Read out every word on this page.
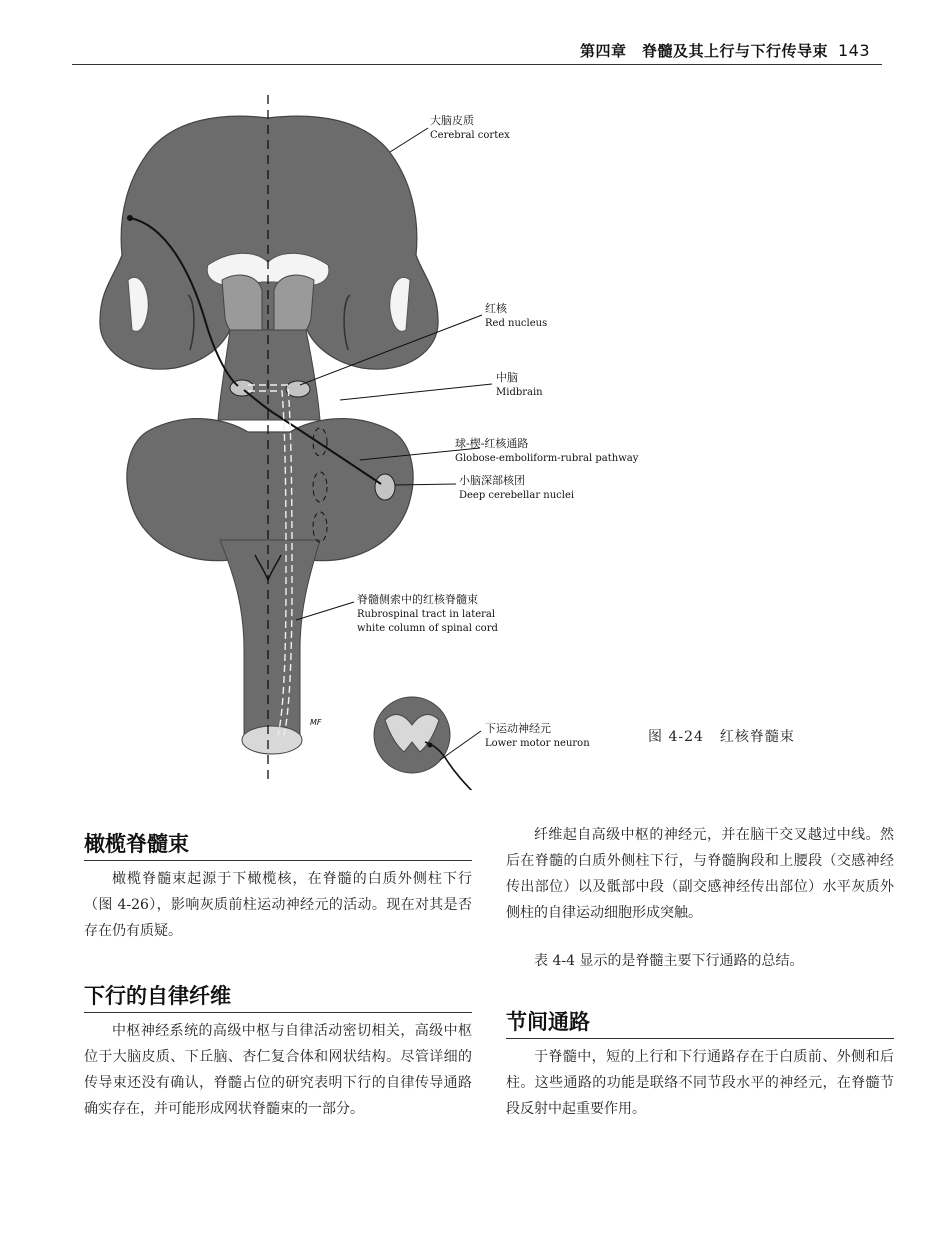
第四章　脊髓及其上行与下行传导束 143
MF
大脑皮质 Cerebral cortex
红核 Red nucleus
中脑 Midbrain
球-楔-红核通路 Globose-emboliform-rubral pathway
小脑深部核团 Deep cerebellar nuclei
脊髓侧索中的红核脊髓束 Rubrospinal tract in lateral white column of spinal cord
下运动神经元 Lower motor neuron	图 4-24 红核脊髓束
橄榄脊髓束

橄榄脊髓束起源于下橄榄核，在脊髓的白质外侧柱下行（图 4-26），影响灰质前柱运动神经元的活动。现在对其是否存在仍有质疑。

下行的自律纤维

中枢神经系统的高级中枢与自律活动密切相关，高级中枢位于大脑皮质、下丘脑、杏仁复合体和网状结构。尽管详细的传导束还没有确认，脊髓占位的研究表明下行的自律传导通路确实存在，并可能形成网状脊髓束的一部分。

纤维起自高级中枢的神经元，并在脑干交叉越过中线。然后在脊髓的白质外侧柱下行，与脊髓胸段和上腰段（交感神经传出部位）以及骶部中段（副交感神经传出部位）水平灰质外侧柱的自律运动细胞形成突触。

表 4-4 显示的是脊髓主要下行通路的总结。

节间通路

于脊髓中，短的上行和下行通路存在于白质前、外侧和后柱。这些通路的功能是联络不同节段水平的神经元，在脊髓节段反射中起重要作用。
